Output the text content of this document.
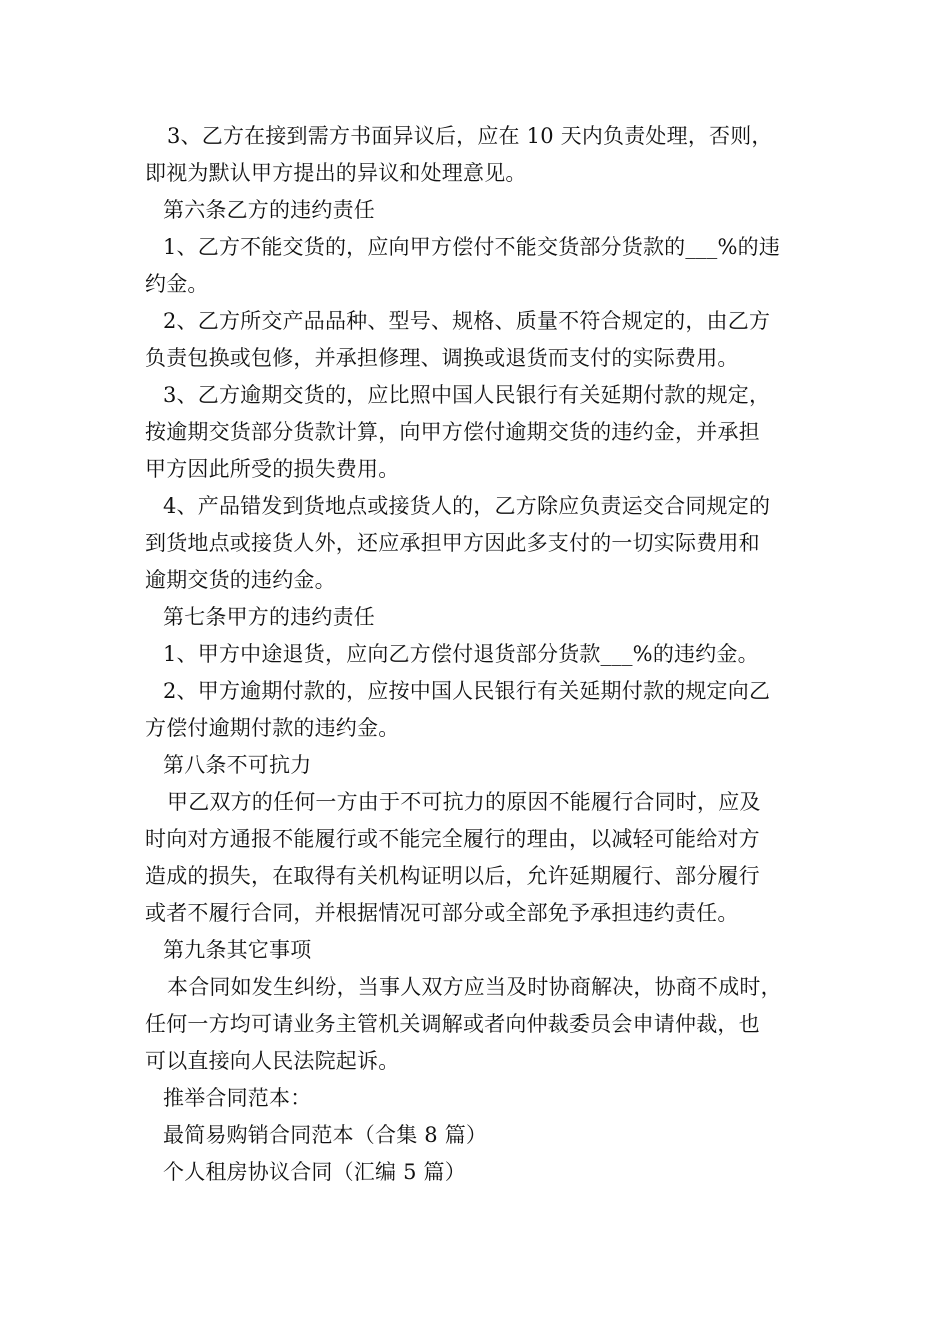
3、乙方在接到需方书面异议后，应在 10 天内负责处理，否则，
即视为默认甲方提出的异议和处理意见。
第六条乙方的违约责任
1、乙方不能交货的，应向甲方偿付不能交货部分货款的___%的违
约金。
2、乙方所交产品品种、型号、规格、质量不符合规定的，由乙方
负责包换或包修，并承担修理、调换或退货而支付的实际费用。
3、乙方逾期交货的，应比照中国人民银行有关延期付款的规定，
按逾期交货部分货款计算，向甲方偿付逾期交货的违约金，并承担
甲方因此所受的损失费用。
4、产品错发到货地点或接货人的，乙方除应负责运交合同规定的
到货地点或接货人外，还应承担甲方因此多支付的一切实际费用和
逾期交货的违约金。
第七条甲方的违约责任
1、甲方中途退货，应向乙方偿付退货部分货款___%的违约金。
2、甲方逾期付款的，应按中国人民银行有关延期付款的规定向乙
方偿付逾期付款的违约金。
第八条不可抗力
甲乙双方的任何一方由于不可抗力的原因不能履行合同时，应及
时向对方通报不能履行或不能完全履行的理由，以减轻可能给对方
造成的损失，在取得有关机构证明以后，允许延期履行、部分履行
或者不履行合同，并根据情况可部分或全部免予承担违约责任。
第九条其它事项
本合同如发生纠纷，当事人双方应当及时协商解决，协商不成时，
任何一方均可请业务主管机关调解或者向仲裁委员会申请仲裁，也
可以直接向人民法院起诉。
推举合同范本：
最简易购销合同范本（合集 8 篇）
个人租房协议合同（汇编 5 篇）
